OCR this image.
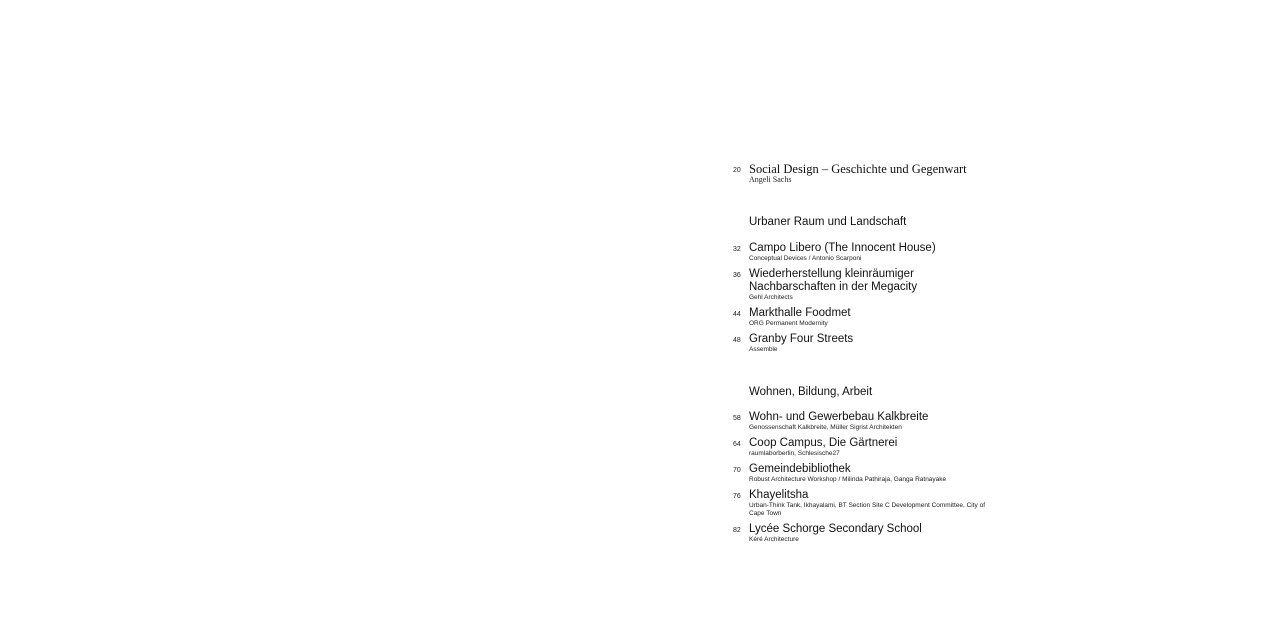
20 Social Design – Geschichte und Gegenwart
Angeli Sachs
Urbaner Raum und Landschaft
32 Campo Libero (The Innocent House)
Conceptual Devices / Antonio Scarponi
36 Wiederherstellung kleinräumiger Nachbarschaften in der Megacity
Gehl Architects
44 Markthalle Foodmet
ORG Permanent Modernity
48 Granby Four Streets
Assemble
Wohnen, Bildung, Arbeit
58 Wohn- und Gewerbebau Kalkbreite
Genossenschaft Kalkbreite, Müller Sigrist Architekten
64 Coop Campus, Die Gärtnerei
raumlaborberlin, Schlesische27
70 Gemeindebibliothek
Robust Architecture Workshop / Milinda Pathiraja, Ganga Ratnayake
76 Khayelitsha
Urban-Think Tank, Ikhayalami, BT Section Site C Development Committee, City of Cape Town
82 Lycée Schorge Secondary School
Kéré Architecture
